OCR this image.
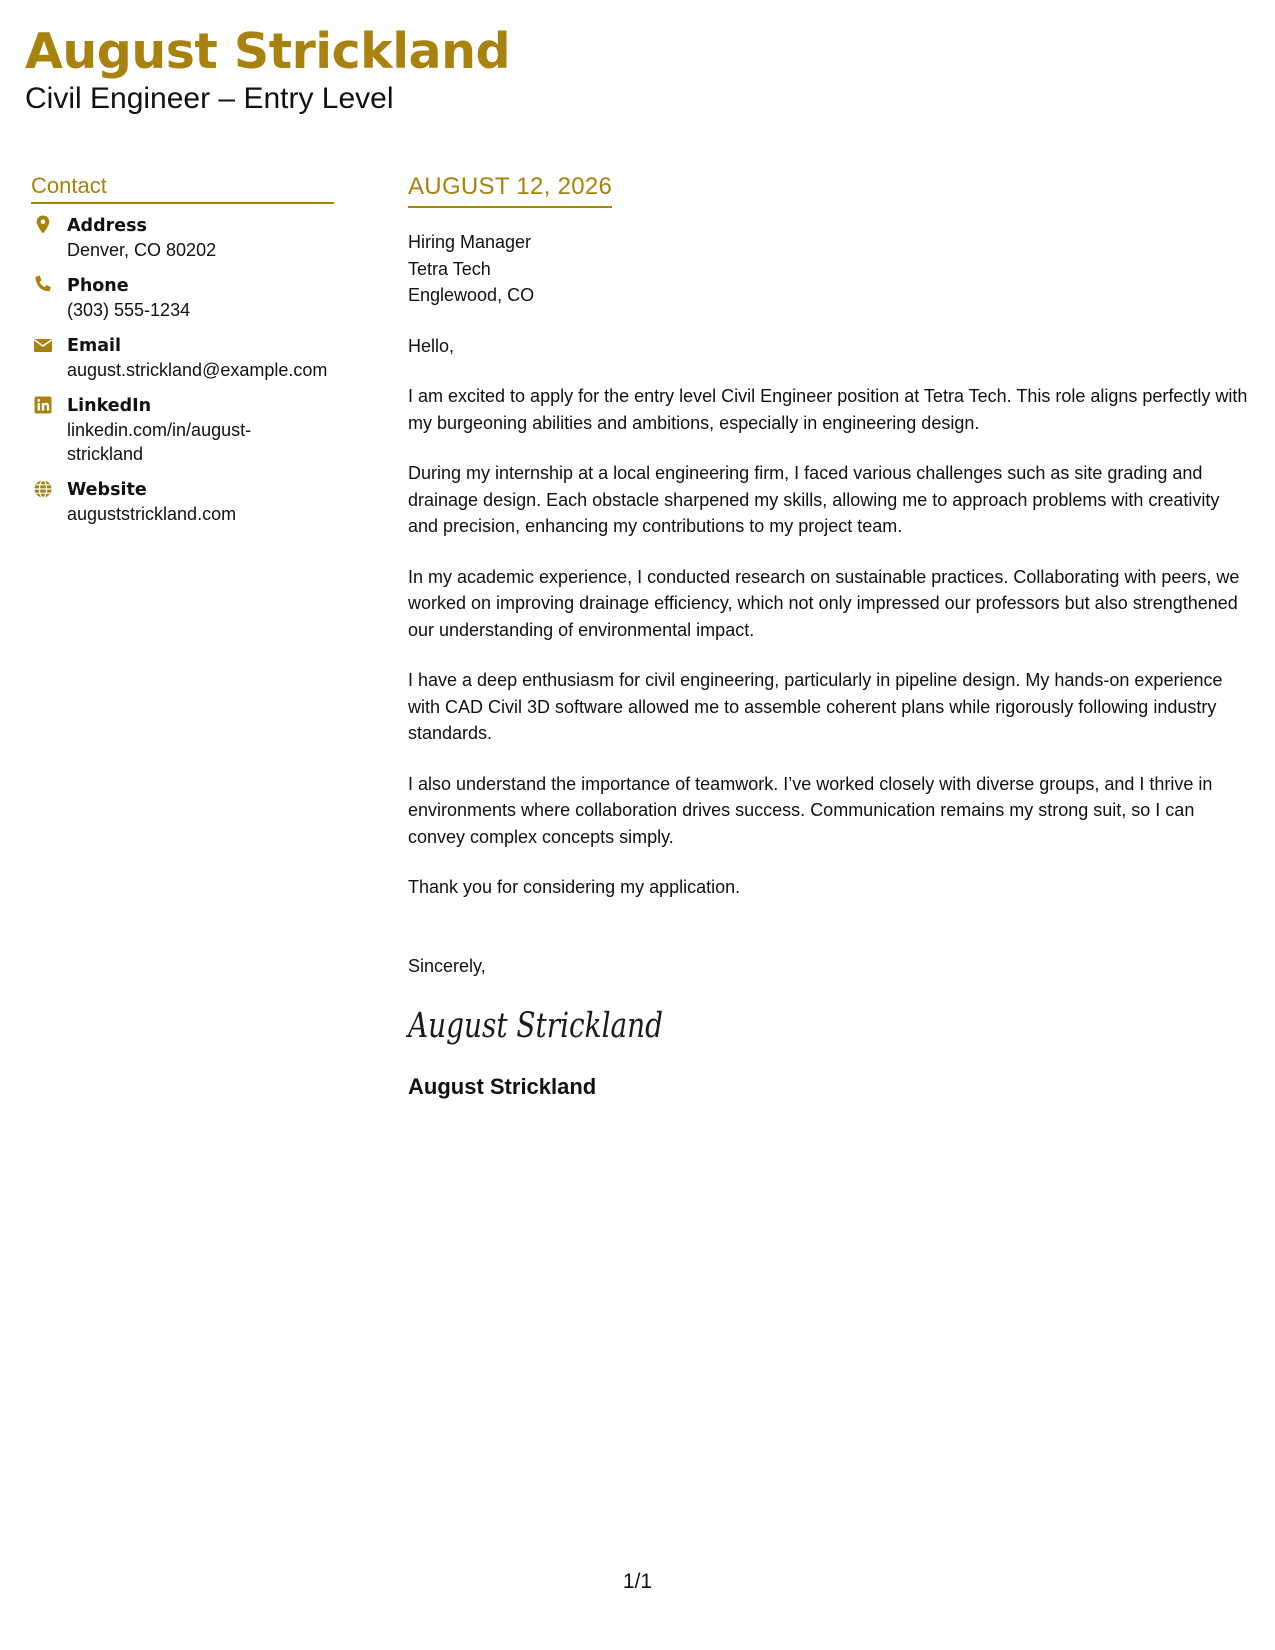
August Strickland
Civil Engineer – Entry Level
Contact
Address
Denver, CO 80202
Phone
(303) 555-1234
Email
august.strickland@example.com
LinkedIn
linkedin.com/in/august-strickland
Website
auguststrickland.com
AUGUST 12, 2026
Hiring Manager
Tetra Tech
Englewood, CO

Hello,

I am excited to apply for the entry level Civil Engineer position at Tetra Tech. This role aligns perfectly with my burgeoning abilities and ambitions, especially in engineering design.

During my internship at a local engineering firm, I faced various challenges such as site grading and drainage design. Each obstacle sharpened my skills, allowing me to approach problems with creativity and precision, enhancing my contributions to my project team.

In my academic experience, I conducted research on sustainable practices. Collaborating with peers, we worked on improving drainage efficiency, which not only impressed our professors but also strengthened our understanding of environmental impact.

I have a deep enthusiasm for civil engineering, particularly in pipeline design. My hands-on experience with CAD Civil 3D software allowed me to assemble coherent plans while rigorously following industry standards.

I also understand the importance of teamwork. I’ve worked closely with diverse groups, and I thrive in environments where collaboration drives success. Communication remains my strong suit, so I can convey complex concepts simply.

Thank you for considering my application.

Sincerely,

August Strickland
August Strickland
1/1
